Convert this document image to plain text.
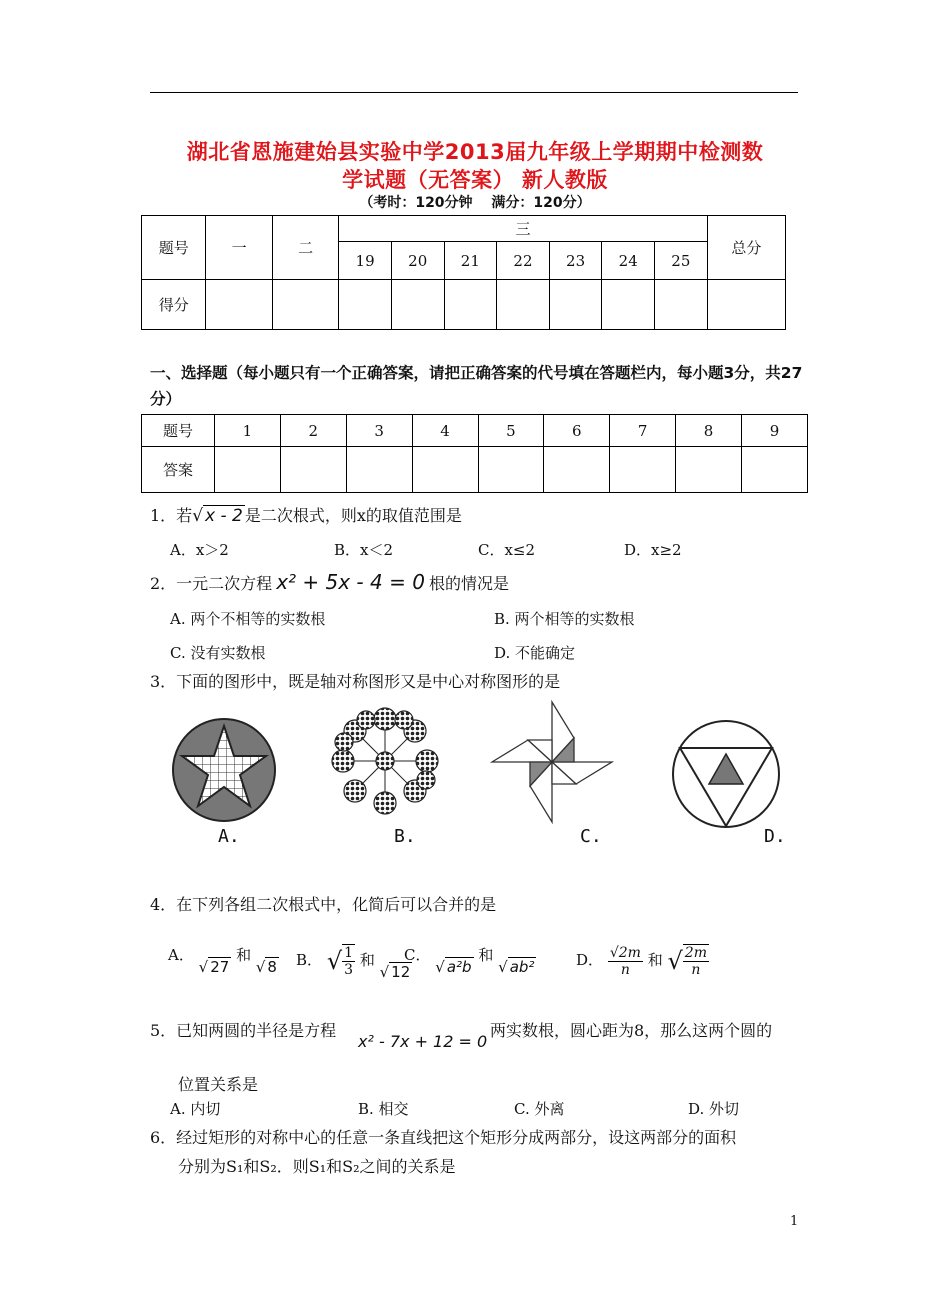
湖北省恩施建始县实验中学2013届九年级上学期期中检测数
学试题（无答案） 新人教版
（考时：120分钟　 满分：120分）
题号	一	二	三							总分
			19	20	21	22	23	24	25	
得分										
一、选择题（每小题只有一个正确答案，请把正确答案的代号填在答题栏内，每小题3分，共27分）
题号	1	2	3	4	5	6	7	8	9
答案									
1．若√ x - 2 是二次根式，则x的取值范围是
A．x＞2	B．x＜2	C．x≤2	D．x≥2
2．一元二次方程 x² + 5x - 4 = 0 根的情况是
A. 两个不相等的实数根	B. 两个相等的实数根
C. 没有实数根	D. 不能确定
3．下面的图形中，既是轴对称图形又是中心对称图形的是
A.	B.	C.	D.
4．在下列各组二次根式中，化简后可以合并的是
A． √ 27 和 √ 8 B． √ $\frac{1}{3}$ 和 √ 12
C． √ a²b 和 √ ab²	D． $\frac{√2m}{n}$ 和 √ $\frac{2m}{n}$
5．已知两圆的半径是方程
x² - 7x + 12 = 0
两实数根，圆心距为8，那么这两个圆的
位置关系是
A. 内切	B. 相交	C. 外离	D. 外切
6．经过矩形的对称中心的任意一条直线把这个矩形分成两部分，设这两部分的面积
分别为S₁和S₂．则S₁和S₂之间的关系是
1
